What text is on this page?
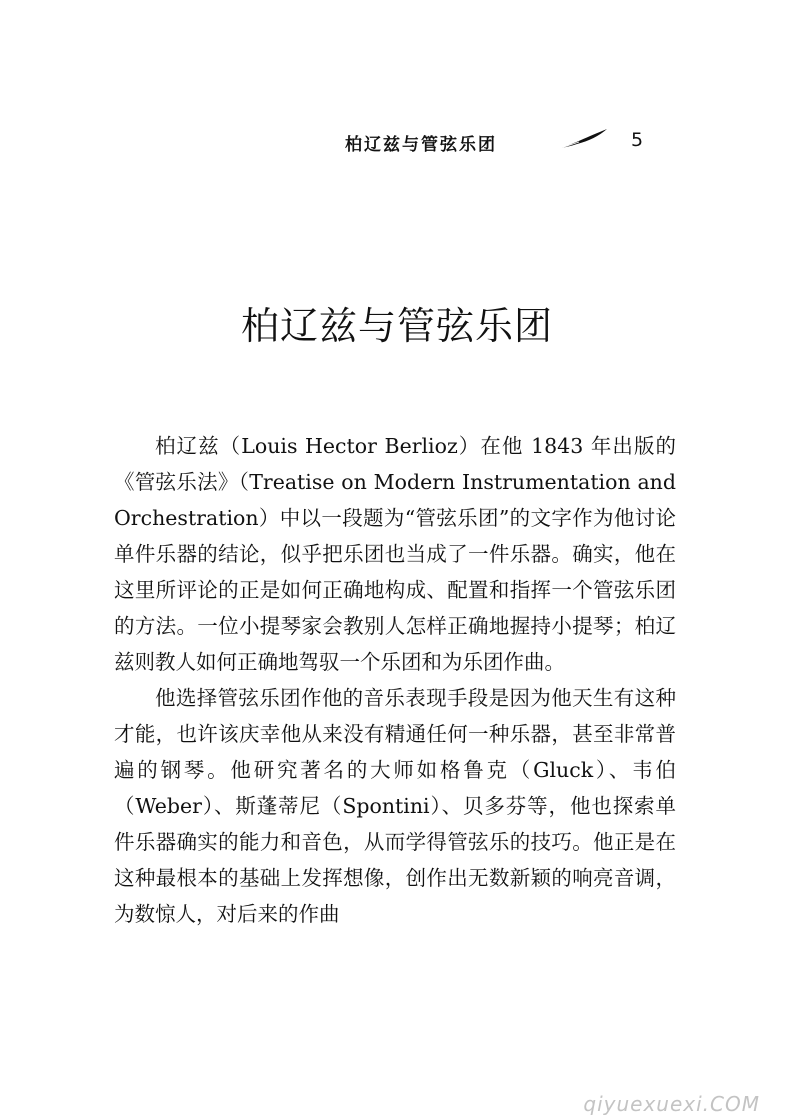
柏辽兹与管弦乐团	5
柏辽兹与管弦乐团

柏辽兹（Louis Hector Berlioz）在他 1843 年出版的《管弦乐法》（Treatise on Modern Instrumentation and Orchestration）中以一段题为“管弦乐团”的文字作为他讨论单件乐器的结论，似乎把乐团也当成了一件乐器。确实，他在这里所评论的正是如何正确地构成、配置和指挥一个管弦乐团的方法。一位小提琴家会教别人怎样正确地握持小提琴；柏辽兹则教人如何正确地驾驭一个乐团和为乐团作曲。

他选择管弦乐团作他的音乐表现手段是因为他天生有这种才能，也许该庆幸他从来没有精通任何一种乐器，甚至非常普遍的钢琴。他研究著名的大师如格鲁克（Gluck）、韦伯（Weber）、斯蓬蒂尼（Spontini）、贝多芬等，他也探索单件乐器确实的能力和音色，从而学得管弦乐的技巧。他正是在这种最根本的基础上发挥想像，创作出无数新颖的响亮音调，为数惊人，对后来的作曲

qiyuexuexi.COM
